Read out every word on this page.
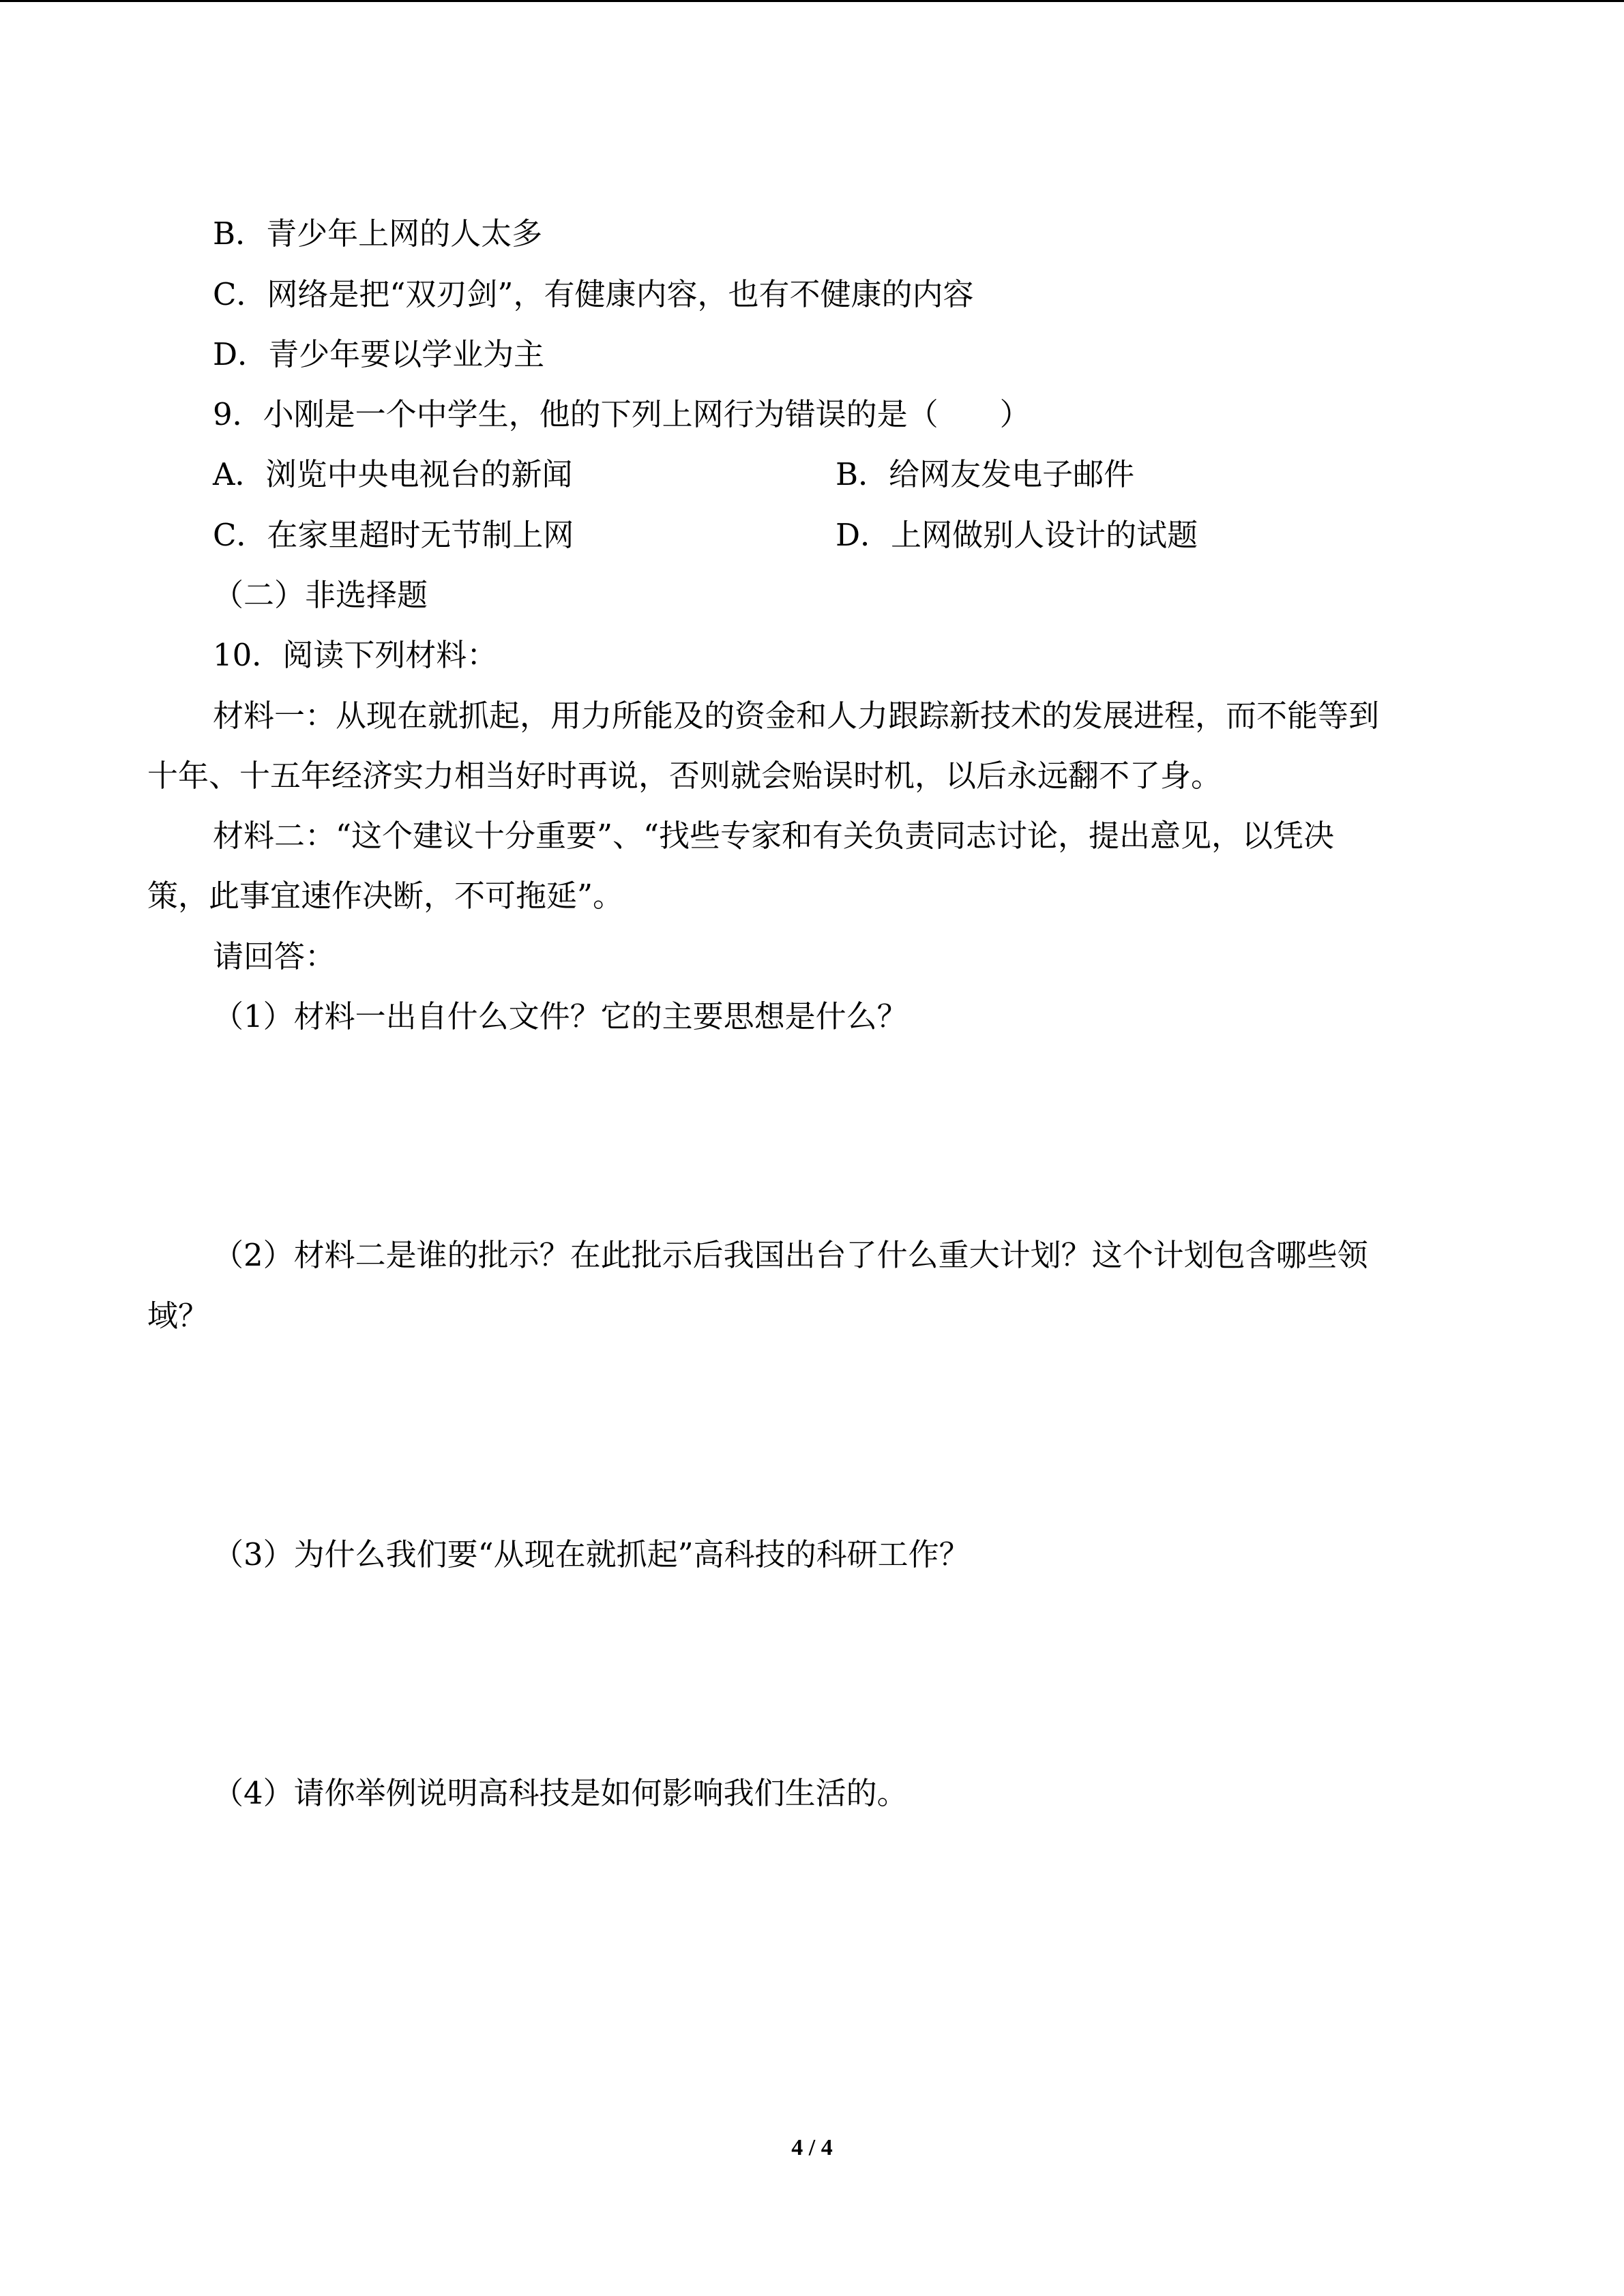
B．青少年上网的人太多
C．网络是把“双刃剑”，有健康内容，也有不健康的内容
D．青少年要以学业为主
9．小刚是一个中学生，他的下列上网行为错误的是（　　）
A．浏览中央电视台的新闻	B．给网友发电子邮件
C．在家里超时无节制上网	D．上网做别人设计的试题
（二）非选择题
10．阅读下列材料：
材料一：从现在就抓起，用力所能及的资金和人力跟踪新技术的发展进程，而不能等到
十年、十五年经济实力相当好时再说，否则就会贻误时机，以后永远翻不了身。
材料二：“这个建议十分重要”、“找些专家和有关负责同志讨论，提出意见，以凭决
策，此事宜速作决断，不可拖延”。
请回答：
（1）材料一出自什么文件？它的主要思想是什么？
（2）材料二是谁的批示？在此批示后我国出台了什么重大计划？这个计划包含哪些领
域？
（3）为什么我们要“从现在就抓起”高科技的科研工作？
（4）请你举例说明高科技是如何影响我们生活的。
4 / 4
